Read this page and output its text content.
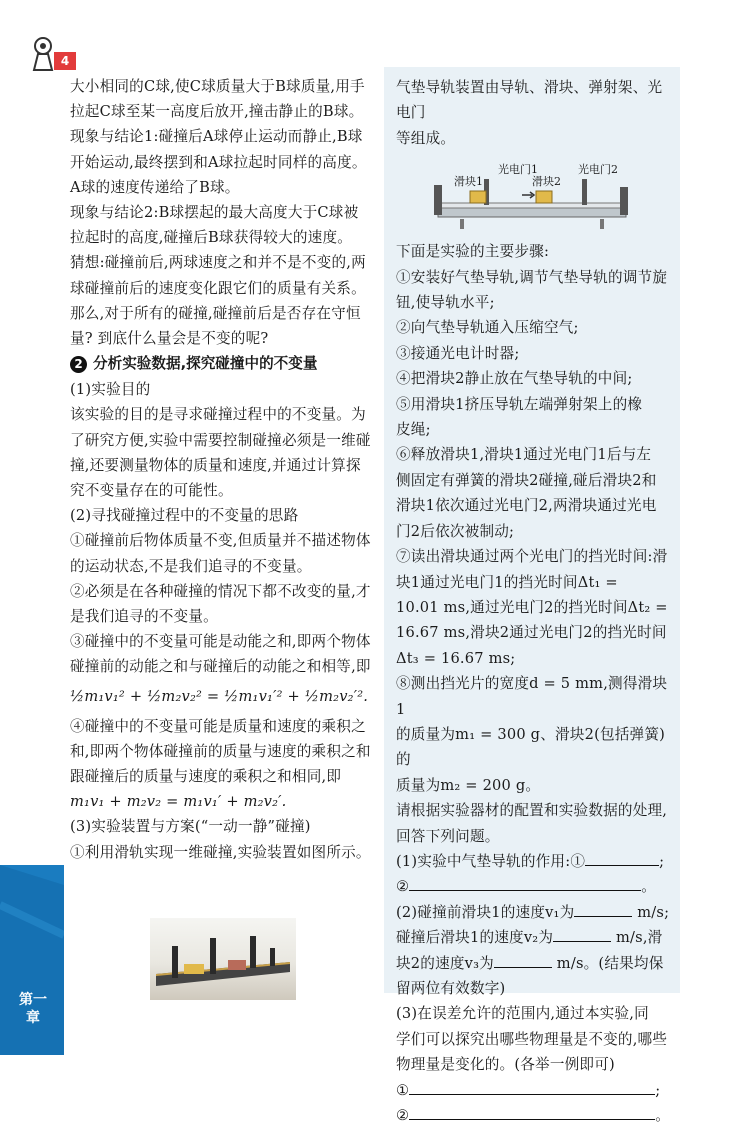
4

大小相同的C球,使C球质量大于B球质量,用手

拉起C球至某一高度后放开,撞击静止的B球。

现象与结论1:碰撞后A球停止运动而静止,B球

开始运动,最终摆到和A球拉起时同样的高度。

A球的速度传递给了B球。

现象与结论2:B球摆起的最大高度大于C球被

拉起时的高度,碰撞后B球获得较大的速度。

猜想:碰撞前后,两球速度之和并不是不变的,两

球碰撞前后的速度变化跟它们的质量有关系。

那么,对于所有的碰撞,碰撞前后是否存在守恒

量? 到底什么量会是不变的呢?

2 分析实验数据,探究碰撞中的不变量

(1)实验目的

该实验的目的是寻求碰撞过程中的不变量。为

了研究方便,实验中需要控制碰撞必须是一维碰

撞,还要测量物体的质量和速度,并通过计算探

究不变量存在的可能性。

(2)寻找碰撞过程中的不变量的思路

①碰撞前后物体质量不变,但质量并不描述物体

的运动状态,不是我们追寻的不变量。

②必须是在各种碰撞的情况下都不改变的量,才

是我们追寻的不变量。

③碰撞中的不变量可能是动能之和,即两个物体

碰撞前的动能之和与碰撞后的动能之和相等,即

½m₁v₁² + ½m₂v₂² = ½m₁v₁′² + ½m₂v₂′².

④碰撞中的不变量可能是质量和速度的乘积之

和,即两个物体碰撞前的质量与速度的乘积之和

跟碰撞后的质量与速度的乘积之和相同,即

m₁v₁ + m₂v₂ = m₁v₁′ + m₂v₂′.

(3)实验装置与方案(“一动一静”碰撞)

①利用滑轨实现一维碰撞,实验装置如图所示。

气垫导轨装置由导轨、滑块、弹射架、光电门

等组成。

光电门1	光电门2
滑块1	滑块2

下面是实验的主要步骤:

①安装好气垫导轨,调节气垫导轨的调节旋

钮,使导轨水平;

②向气垫导轨通入压缩空气;

③接通光电计时器;

④把滑块2静止放在气垫导轨的中间;

⑤用滑块1挤压导轨左端弹射架上的橡

皮绳;

⑥释放滑块1,滑块1通过光电门1后与左

侧固定有弹簧的滑块2碰撞,碰后滑块2和

滑块1依次通过光电门2,两滑块通过光电

门2后依次被制动;

⑦读出滑块通过两个光电门的挡光时间:滑

块1通过光电门1的挡光时间Δt₁ =

10.01 ms,通过光电门2的挡光时间Δt₂ =

16.67 ms,滑块2通过光电门2的挡光时间

Δt₃ = 16.67 ms;

⑧测出挡光片的宽度d = 5 mm,测得滑块1

的质量为m₁ = 300 g、滑块2(包括弹簧)的

质量为m₂ = 200 g。

请根据实验器材的配置和实验数据的处理,

回答下列问题。

(1)实验中气垫导轨的作用:①	;

②	。

(2)碰撞前滑块1的速度v₁为	m/s;

碰撞后滑块1的速度v₂为	m/s,滑

块2的速度v₃为	m/s。(结果均保

留两位有效数字)

(3)在误差允许的范围内,通过本实验,同

学们可以探究出哪些物理量是不变的,哪些

物理量是变化的。(各举一例即可)

①	;

②	。

第一章
